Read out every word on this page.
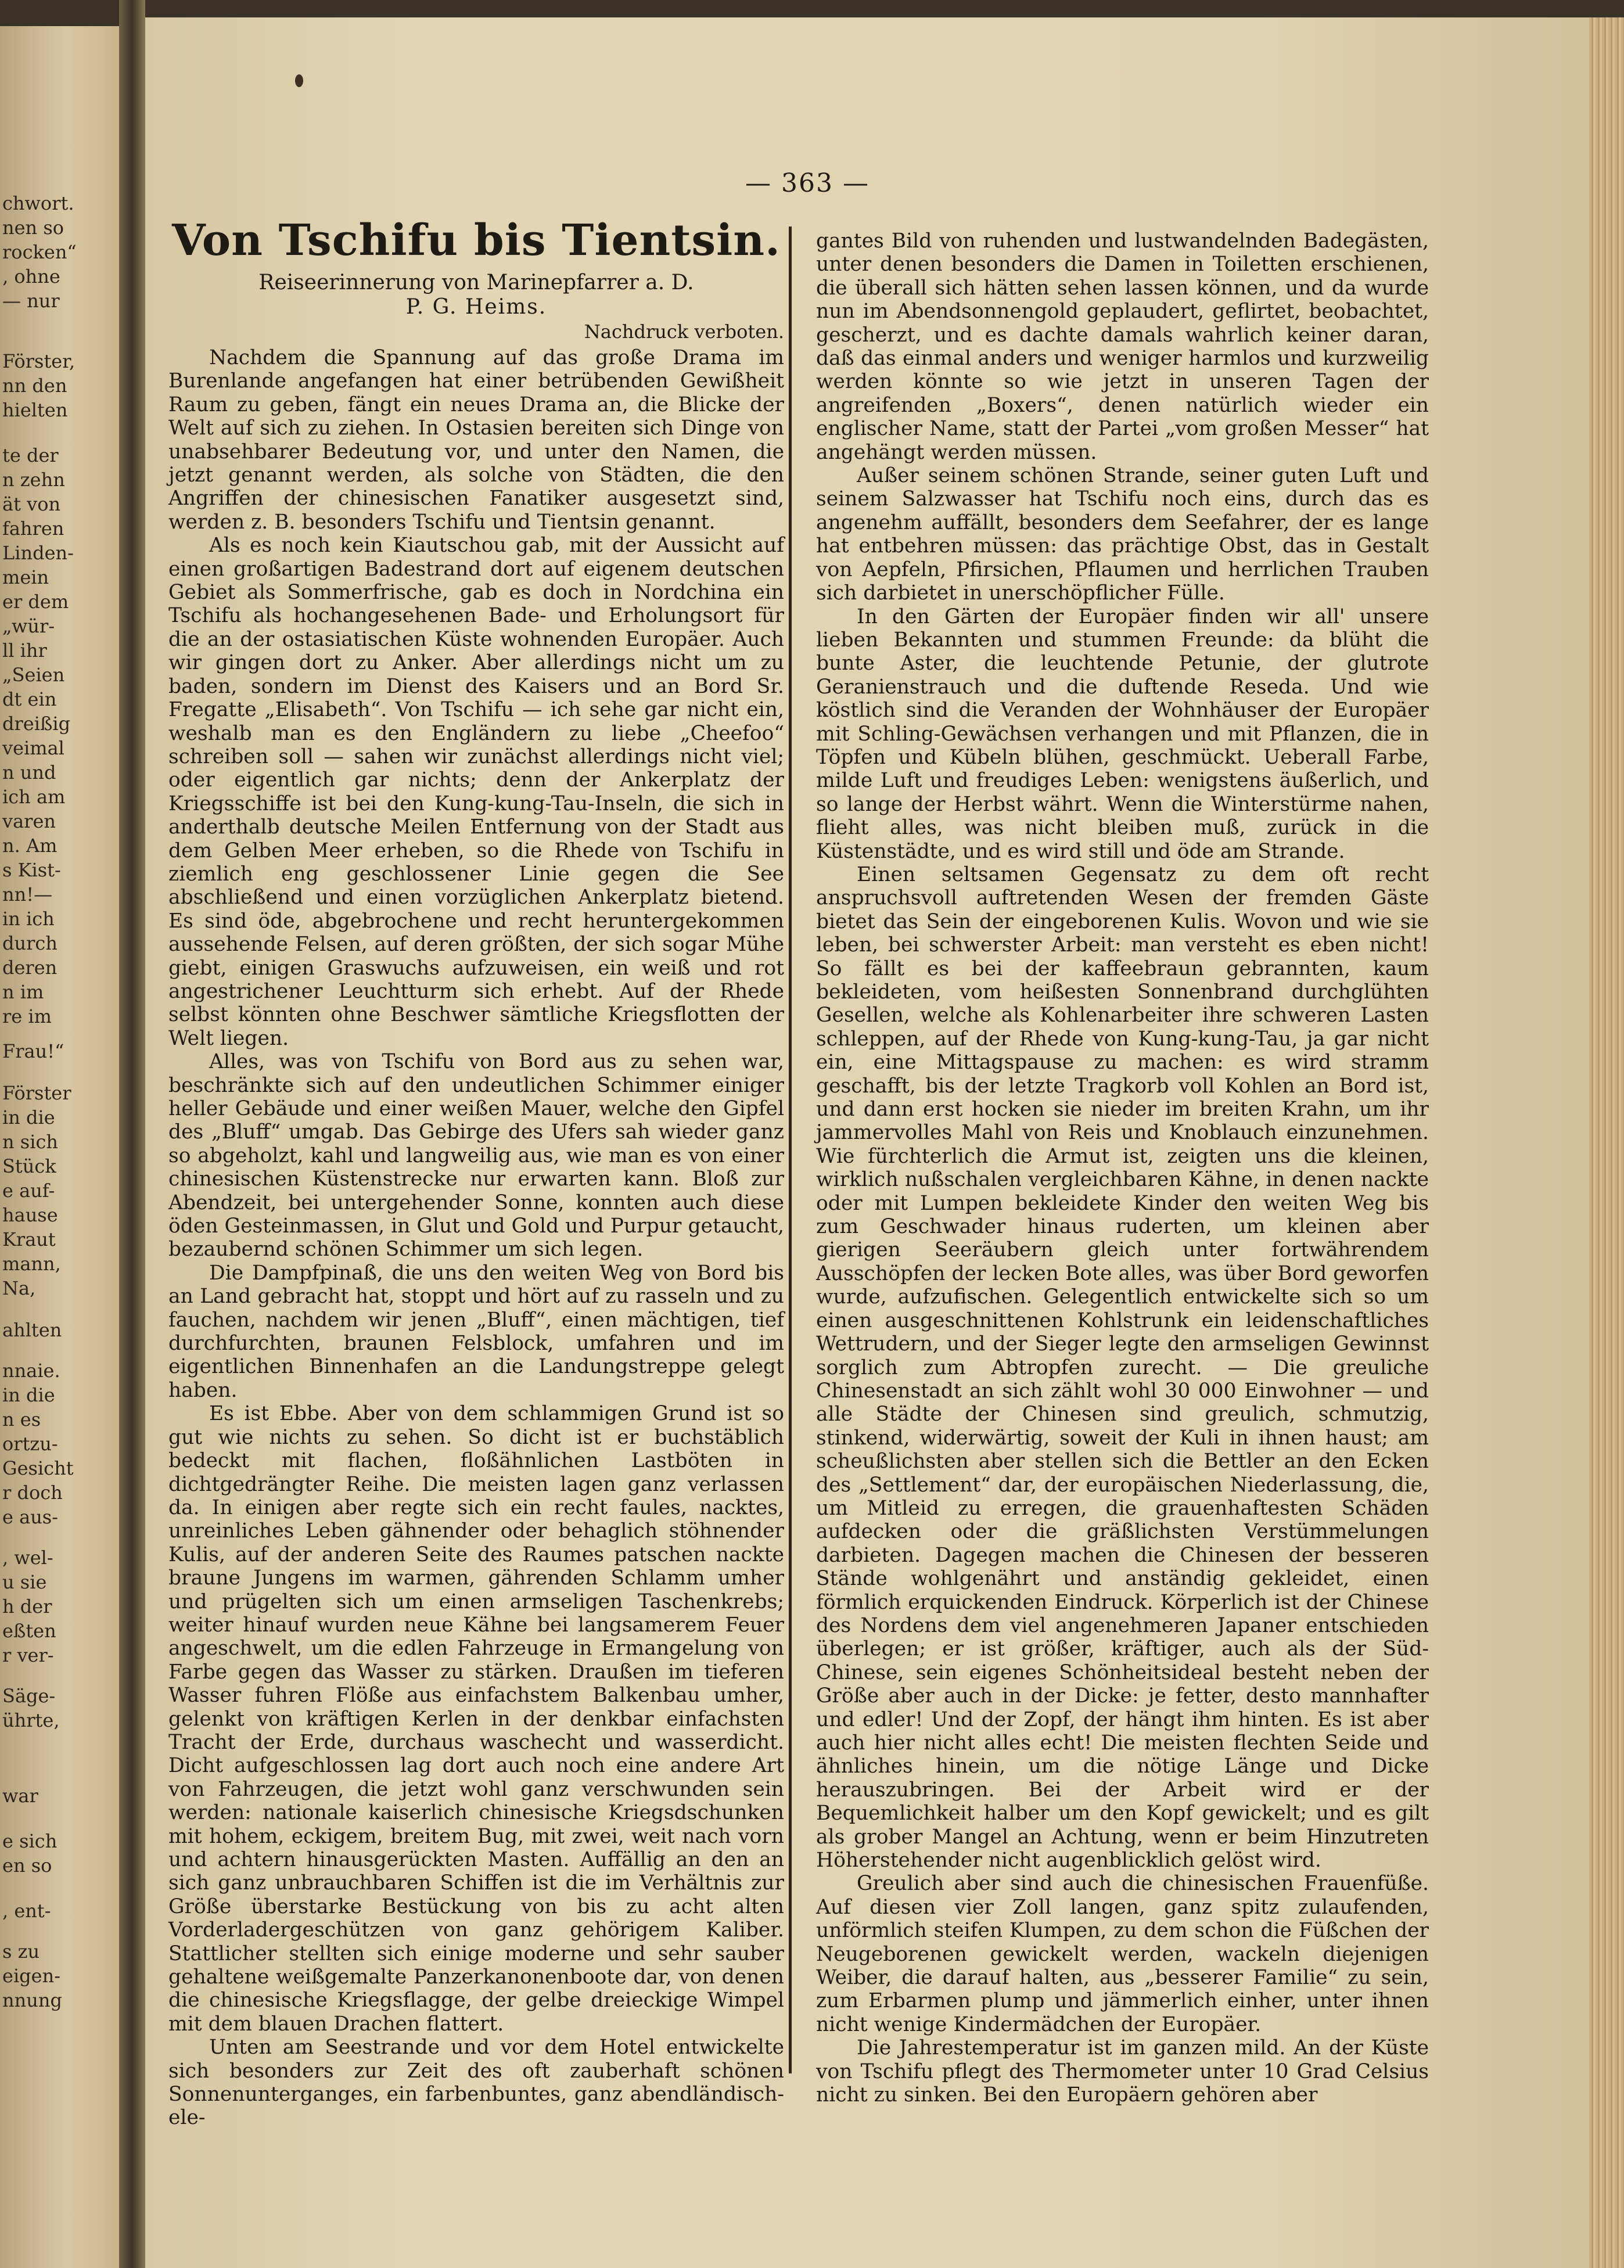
chwort.
nen so
rocken“
‚ ohne
— nur
Förster,
nn den
hielten
te der
n zehn
ät von
fahren
Linden-
mein
er dem
„wür-
ll ihr
„Seien
dt ein
dreißig
veimal
n und
ich am
varen
n. Am
s Kist-
nn!—
in ich
durch
deren
n im
re im
Frau!“
Förster
in die
n sich
Stück
e auf-
hause
Kraut
mann,
Na,
ahlten
nnaie.
in die
n es
ortzu-
Gesicht
r doch
e aus-
, wel-
u sie
h der
eßten
r ver-
Säge-
ührte,
war
e sich
en so
, ent-
s zu
eigen-
nnung
— 363 —
Von Tschifu bis Tientsin.
Reiseerinnerung von Marinepfarrer a. D.
P. G. Heims.
Nachdruck verboten.

Nachdem die Spannung auf das große Drama im Burenlande angefangen hat einer betrübenden Gewißheit Raum zu geben, fängt ein neues Drama an, die Blicke der Welt auf sich zu ziehen. In Ostasien bereiten sich Dinge von unabsehbarer Bedeutung vor, und unter den Namen, die jetzt genannt werden, als solche von Städten, die den Angriffen der chinesischen Fanatiker ausgesetzt sind, werden z. B. besonders Tschifu und Tientsin genannt.

Als es noch kein Kiautschou gab, mit der Aussicht auf einen großartigen Badestrand dort auf eigenem deutschen Gebiet als Sommerfrische, gab es doch in Nordchina ein Tschifu als hochangesehenen Bade- und Erholungsort für die an der ostasiatischen Küste wohnenden Europäer. Auch wir gingen dort zu Anker. Aber allerdings nicht um zu baden, sondern im Dienst des Kaisers und an Bord Sr. Fregatte „Elisabeth“. Von Tschifu — ich sehe gar nicht ein, weshalb man es den Engländern zu liebe „Cheefoo“ schreiben soll — sahen wir zunächst allerdings nicht viel; oder eigentlich gar nichts; denn der Ankerplatz der Kriegsschiffe ist bei den Kung-kung-Tau-Inseln, die sich in anderthalb deutsche Meilen Entfernung von der Stadt aus dem Gelben Meer erheben, so die Rhede von Tschifu in ziemlich eng geschlossener Linie gegen die See abschließend und einen vorzüglichen Ankerplatz bietend. Es sind öde, abgebrochene und recht heruntergekommen aussehende Felsen, auf deren größten, der sich sogar Mühe giebt, einigen Graswuchs aufzuweisen, ein weiß und rot angestrichener Leuchtturm sich erhebt. Auf der Rhede selbst könnten ohne Beschwer sämtliche Kriegsflotten der Welt liegen.

Alles, was von Tschifu von Bord aus zu sehen war, beschränkte sich auf den undeutlichen Schimmer einiger heller Gebäude und einer weißen Mauer, welche den Gipfel des „Bluff“ umgab. Das Gebirge des Ufers sah wieder ganz so abgeholzt, kahl und langweilig aus, wie man es von einer chinesischen Küstenstrecke nur erwarten kann. Bloß zur Abendzeit, bei untergehender Sonne, konnten auch diese öden Gesteinmassen, in Glut und Gold und Purpur getaucht, bezaubernd schönen Schimmer um sich legen.

Die Dampfpinaß, die uns den weiten Weg von Bord bis an Land gebracht hat, stoppt und hört auf zu rasseln und zu fauchen, nachdem wir jenen „Bluff“, einen mächtigen, tief durchfurchten, braunen Felsblock, umfahren und im eigentlichen Binnenhafen an die Landungstreppe gelegt haben.

Es ist Ebbe. Aber von dem schlammigen Grund ist so gut wie nichts zu sehen. So dicht ist er buchstäblich bedeckt mit flachen, floßähnlichen Lastböten in dichtgedrängter Reihe. Die meisten lagen ganz verlassen da. In einigen aber regte sich ein recht faules, nacktes, unreinliches Leben gähnender oder behaglich stöhnender Kulis, auf der anderen Seite des Raumes patschen nackte braune Jungens im warmen, gährenden Schlamm umher und prügelten sich um einen armseligen Taschenkrebs; weiter hinauf wurden neue Kähne bei langsamerem Feuer angeschwelt, um die edlen Fahrzeuge in Ermangelung von Farbe gegen das Wasser zu stärken. Draußen im tieferen Wasser fuhren Flöße aus einfachstem Balkenbau umher, gelenkt von kräftigen Kerlen in der denkbar einfachsten Tracht der Erde, durchaus waschecht und wasserdicht. Dicht aufgeschlossen lag dort auch noch eine andere Art von Fahrzeugen, die jetzt wohl ganz verschwunden sein werden: nationale kaiserlich chinesische Kriegsdschunken mit hohem, eckigem, breitem Bug, mit zwei, weit nach vorn und achtern hinausgerückten Masten. Auffällig an den an sich ganz unbrauchbaren Schiffen ist die im Verhältnis zur Größe überstarke Bestückung von bis zu acht alten Vorderladergeschützen von ganz gehörigem Kaliber. Stattlicher stellten sich einige moderne und sehr sauber gehaltene weißgemalte Panzerkanonenboote dar, von denen die chinesische Kriegsflagge, der gelbe dreieckige Wimpel mit dem blauen Drachen flattert.

Unten am Seestrande und vor dem Hotel entwickelte sich besonders zur Zeit des oft zauberhaft schönen Sonnenunterganges, ein farbenbuntes, ganz abendländisch-ele-

gantes Bild von ruhenden und lustwandelnden Badegästen, unter denen besonders die Damen in Toiletten erschienen, die überall sich hätten sehen lassen können, und da wurde nun im Abendsonnengold geplaudert, geflirtet, beobachtet, gescherzt, und es dachte damals wahrlich keiner daran, daß das einmal anders und weniger harmlos und kurzweilig werden könnte so wie jetzt in unseren Tagen der angreifenden „Boxers“, denen natürlich wieder ein englischer Name, statt der Partei „vom großen Messer“ hat angehängt werden müssen.

Außer seinem schönen Strande, seiner guten Luft und seinem Salzwasser hat Tschifu noch eins, durch das es angenehm auffällt, besonders dem Seefahrer, der es lange hat entbehren müssen: das prächtige Obst, das in Gestalt von Aepfeln, Pfirsichen, Pflaumen und herrlichen Trauben sich darbietet in unerschöpflicher Fülle.

In den Gärten der Europäer finden wir all' unsere lieben Bekannten und stummen Freunde: da blüht die bunte Aster, die leuchtende Petunie, der glutrote Geranienstrauch und die duftende Reseda. Und wie köstlich sind die Veranden der Wohnhäuser der Europäer mit Schling-Gewächsen verhangen und mit Pflanzen, die in Töpfen und Kübeln blühen, geschmückt. Ueberall Farbe, milde Luft und freudiges Leben: wenigstens äußerlich, und so lange der Herbst währt. Wenn die Winterstürme nahen, flieht alles, was nicht bleiben muß, zurück in die Küstenstädte, und es wird still und öde am Strande.

Einen seltsamen Gegensatz zu dem oft recht anspruchsvoll auftretenden Wesen der fremden Gäste bietet das Sein der eingeborenen Kulis. Wovon und wie sie leben, bei schwerster Arbeit: man versteht es eben nicht! So fällt es bei der kaffeebraun gebrannten, kaum bekleideten, vom heißesten Sonnenbrand durchglühten Gesellen, welche als Kohlenarbeiter ihre schweren Lasten schleppen, auf der Rhede von Kung-kung-Tau, ja gar nicht ein, eine Mittagspause zu machen: es wird stramm geschafft, bis der letzte Tragkorb voll Kohlen an Bord ist, und dann erst hocken sie nieder im breiten Krahn, um ihr jammervolles Mahl von Reis und Knoblauch einzunehmen. Wie fürchterlich die Armut ist, zeigten uns die kleinen, wirklich nußschalen vergleichbaren Kähne, in denen nackte oder mit Lumpen bekleidete Kinder den weiten Weg bis zum Geschwader hinaus ruderten, um kleinen aber gierigen Seeräubern gleich unter fortwährendem Ausschöpfen der lecken Bote alles, was über Bord geworfen wurde, aufzufischen. Gelegentlich entwickelte sich so um einen ausgeschnittenen Kohlstrunk ein leidenschaftliches Wettrudern, und der Sieger legte den armseligen Gewinnst sorglich zum Abtropfen zurecht. — Die greuliche Chinesenstadt an sich zählt wohl 30 000 Einwohner — und alle Städte der Chinesen sind greulich, schmutzig, stinkend, widerwärtig, soweit der Kuli in ihnen haust; am scheußlichsten aber stellen sich die Bettler an den Ecken des „Settlement“ dar, der europäischen Niederlassung, die, um Mitleid zu erregen, die grauenhaftesten Schäden aufdecken oder die gräßlichsten Verstümmelungen darbieten. Dagegen machen die Chinesen der besseren Stände wohlgenährt und anständig gekleidet, einen förmlich erquickenden Eindruck. Körperlich ist der Chinese des Nordens dem viel angenehmeren Japaner entschieden überlegen; er ist größer, kräftiger, auch als der Süd-Chinese, sein eigenes Schönheitsideal besteht neben der Größe aber auch in der Dicke: je fetter, desto mannhafter und edler! Und der Zopf, der hängt ihm hinten. Es ist aber auch hier nicht alles echt! Die meisten flechten Seide und ähnliches hinein, um die nötige Länge und Dicke herauszubringen. Bei der Arbeit wird er der Bequemlichkeit halber um den Kopf gewickelt; und es gilt als grober Mangel an Achtung, wenn er beim Hinzutreten Höherstehender nicht augenblicklich gelöst wird.

Greulich aber sind auch die chinesischen Frauenfüße. Auf diesen vier Zoll langen, ganz spitz zulaufenden, unförmlich steifen Klumpen, zu dem schon die Füßchen der Neugeborenen gewickelt werden, wackeln diejenigen Weiber, die darauf halten, aus „besserer Familie“ zu sein, zum Erbarmen plump und jämmerlich einher, unter ihnen nicht wenige Kindermädchen der Europäer.

Die Jahrestemperatur ist im ganzen mild. An der Küste von Tschifu pflegt des Thermometer unter 10 Grad Celsius nicht zu sinken. Bei den Europäern gehören aber
